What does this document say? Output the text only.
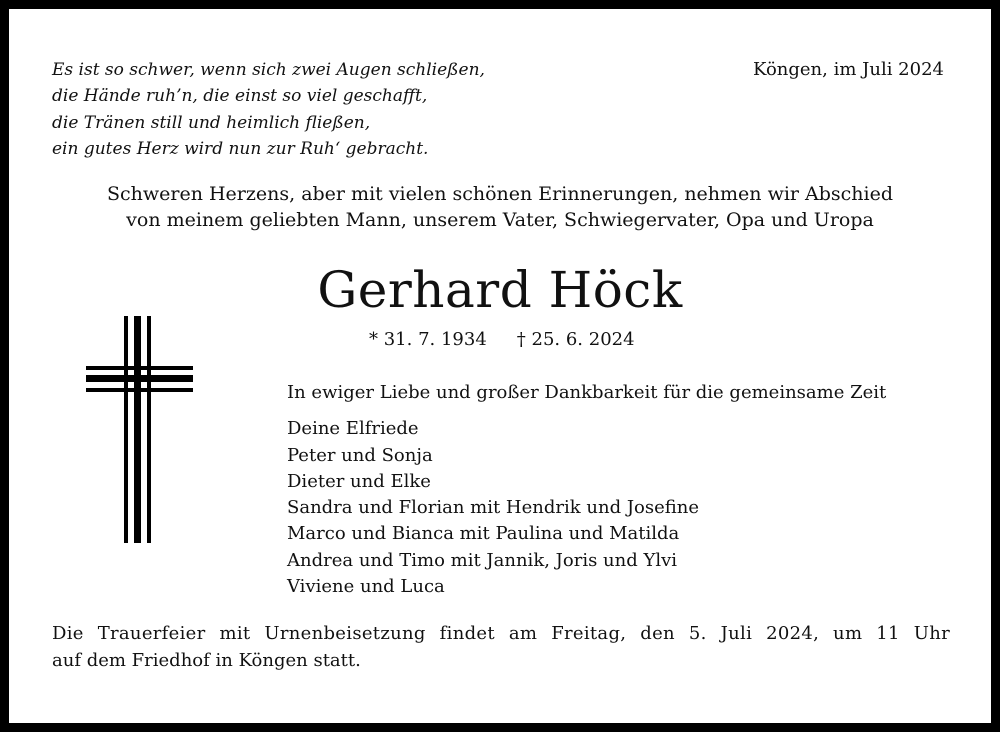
Es ist so schwer, wenn sich zwei Augen schließen,
die Hände ruh’n, die einst so viel geschafft,
die Tränen still und heimlich fließen,
ein gutes Herz wird nun zur Ruh‘ gebracht.
Köngen, im Juli 2024
Schweren Herzens, aber mit vielen schönen Erinnerungen, nehmen wir Abschied
von meinem geliebten Mann, unserem Vater, Schwiegervater, Opa und Uropa
Gerhard Höck
* 31. 7. 1934 † 25. 6. 2024
In ewiger Liebe und großer Dankbarkeit für die gemeinsame Zeit
Deine Elfriede
Peter und Sonja
Dieter und Elke
Sandra und Florian mit Hendrik und Josefine
Marco und Bianca mit Paulina und Matilda
Andrea und Timo mit Jannik, Joris und Ylvi
Viviene und Luca
Die Trauerfeier mit Urnenbeisetzung findet am Freitag, den 5. Juli 2024, um 11 Uhr
auf dem Friedhof in Köngen statt.
